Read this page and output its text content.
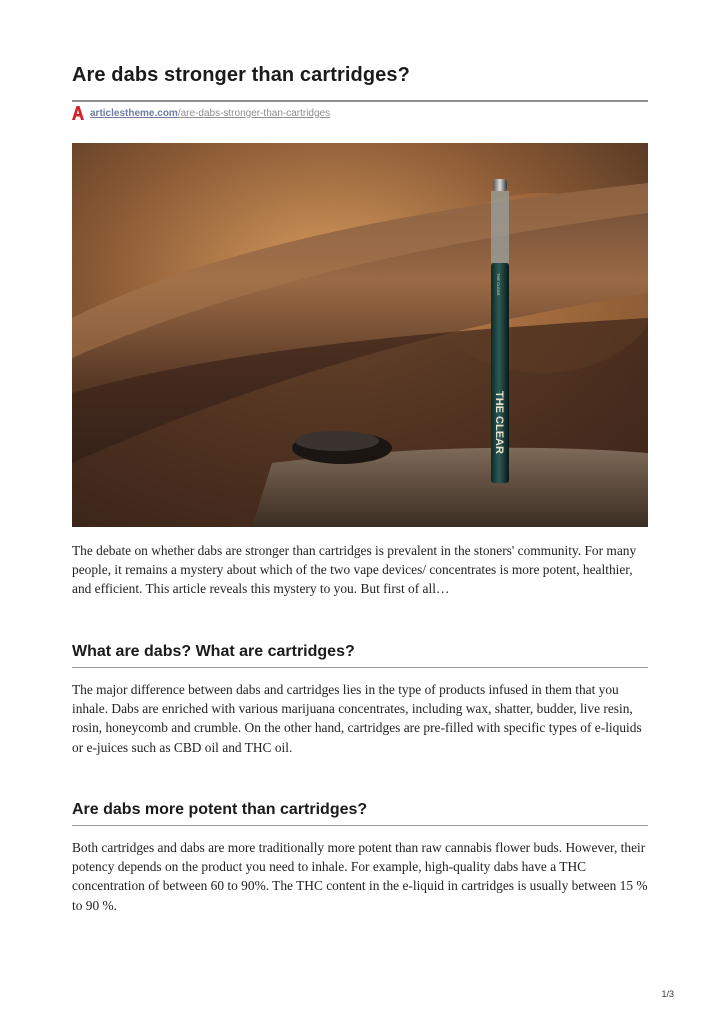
Are dabs stronger than cartridges?
articlestheme.com /are-dabs-stronger-than-cartridges
THE CLEAR
THE CLEAR

The debate on whether dabs are stronger than cartridges is prevalent in the stoners' community. For many people, it remains a mystery about which of the two vape devices/ concentrates is more potent, healthier, and efficient. This article reveals this mystery to you. But first of all…

What are dabs? What are cartridges?

The major difference between dabs and cartridges lies in the type of products infused in them that you inhale. Dabs are enriched with various marijuana concentrates, including wax, shatter, budder, live resin, rosin, honeycomb and crumble. On the other hand, cartridges are pre-filled with specific types of e-liquids or e-juices such as CBD oil and THC oil.

Are dabs more potent than cartridges?

Both cartridges and dabs are more traditionally more potent than raw cannabis flower buds. However, their potency depends on the product you need to inhale. For example, high-quality dabs have a THC concentration of between 60 to 90%. The THC content in the e-liquid in cartridges is usually between 15 % to 90 %.

1/3
